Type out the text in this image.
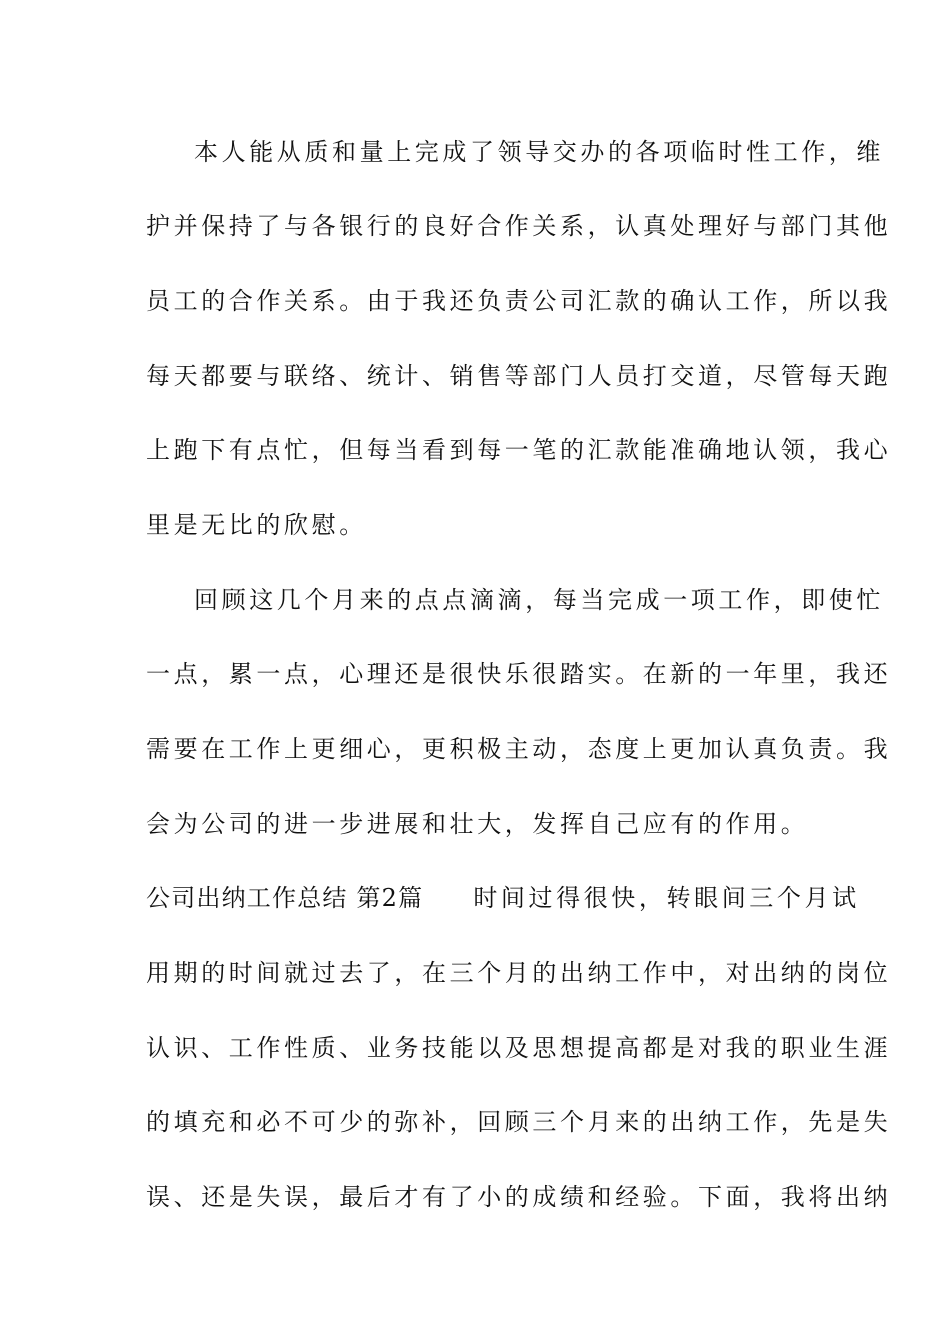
本人能从质和量上完成了领导交办的各项临时性工作，维
护并保持了与各银行的良好合作关系，认真处理好与部门其他
员工的合作关系。由于我还负责公司汇款的确认工作，所以我
每天都要与联络、统计、销售等部门人员打交道，尽管每天跑
上跑下有点忙，但每当看到每一笔的汇款能准确地认领，我心
里是无比的欣慰。
回顾这几个月来的点点滴滴，每当完成一项工作，即使忙
一点，累一点，心理还是很快乐很踏实。在新的一年里，我还
需要在工作上更细心，更积极主动，态度上更加认真负责。我
会为公司的进一步进展和壮大，发挥自己应有的作用。
公司出纳工作总结 第2篇 时间过得很快，转眼间三个月试
用期的时间就过去了，在三个月的出纳工作中，对出纳的岗位
认识、工作性质、业务技能以及思想提高都是对我的职业生涯
的填充和必不可少的弥补，回顾三个月来的出纳工作，先是失
误、还是失误，最后才有了小的成绩和经验。下面，我将出纳
